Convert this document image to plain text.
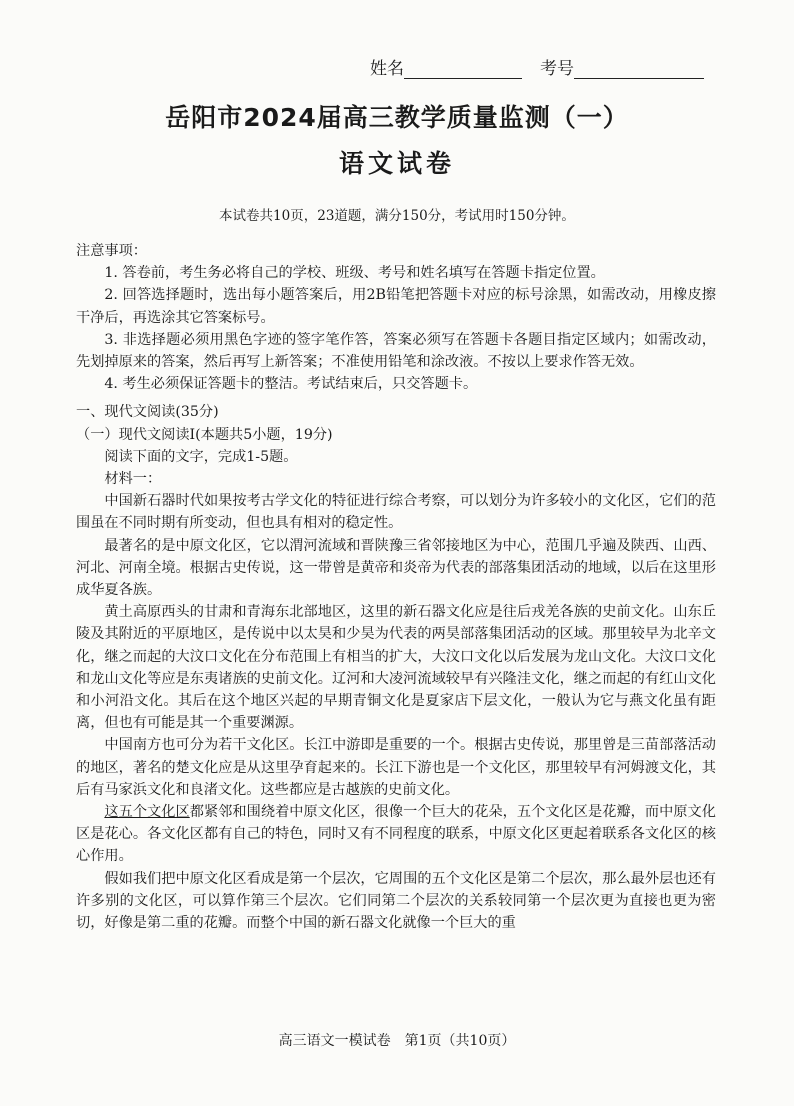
姓名	考号
岳阳市2024届高三教学质量监测（一）
语文试卷
本试卷共10页，23道题，满分150分，考试用时150分钟。

注意事项：

1. 答卷前，考生务必将自己的学校、班级、考号和姓名填写在答题卡指定位置。

2. 回答选择题时，选出每小题答案后，用2B铅笔把答题卡对应的标号涂黑，如需改动，用橡皮擦干净后，再选涂其它答案标号。

3. 非选择题必须用黑色字迹的签字笔作答，答案必须写在答题卡各题目指定区域内；如需改动，先划掉原来的答案，然后再写上新答案；不准使用铅笔和涂改液。不按以上要求作答无效。

4. 考生必须保证答题卡的整洁。考试结束后，只交答题卡。

一、现代文阅读(35分)

（一）现代文阅读Ⅰ(本题共5小题，19分)

阅读下面的文字，完成1-5题。

材料一：

中国新石器时代如果按考古学文化的特征进行综合考察，可以划分为许多较小的文化区，它们的范围虽在不同时期有所变动，但也具有相对的稳定性。

最著名的是中原文化区，它以渭河流域和晋陕豫三省邻接地区为中心，范围几乎遍及陕西、山西、河北、河南全境。根据古史传说，这一带曾是黄帝和炎帝为代表的部落集团活动的地域，以后在这里形成华夏各族。

黄土高原西头的甘肃和青海东北部地区，这里的新石器文化应是往后戎羌各族的史前文化。山东丘陵及其附近的平原地区，是传说中以太昊和少昊为代表的两昊部落集团活动的区域。那里较早为北辛文化，继之而起的大汶口文化在分布范围上有相当的扩大，大汶口文化以后发展为龙山文化。大汶口文化和龙山文化等应是东夷诸族的史前文化。辽河和大凌河流域较早有兴隆洼文化，继之而起的有红山文化和小河沿文化。其后在这个地区兴起的早期青铜文化是夏家店下层文化，一般认为它与燕文化虽有距离，但也有可能是其一个重要渊源。

中国南方也可分为若干文化区。长江中游即是重要的一个。根据古史传说，那里曾是三苗部落活动的地区，著名的楚文化应是从这里孕育起来的。长江下游也是一个文化区，那里较早有河姆渡文化，其后有马家浜文化和良渚文化。这些都应是古越族的史前文化。

这五个文化区都紧邻和围绕着中原文化区，很像一个巨大的花朵，五个文化区是花瓣，而中原文化区是花心。各文化区都有自己的特色，同时又有不同程度的联系，中原文化区更起着联系各文化区的核心作用。

假如我们把中原文化区看成是第一个层次，它周围的五个文化区是第二个层次，那么最外层也还有许多别的文化区，可以算作第三个层次。它们同第二个层次的关系较同第一个层次更为直接也更为密切，好像是第二重的花瓣。而整个中国的新石器文化就像一个巨大的重

高三语文一模试卷　第1页（共10页）
